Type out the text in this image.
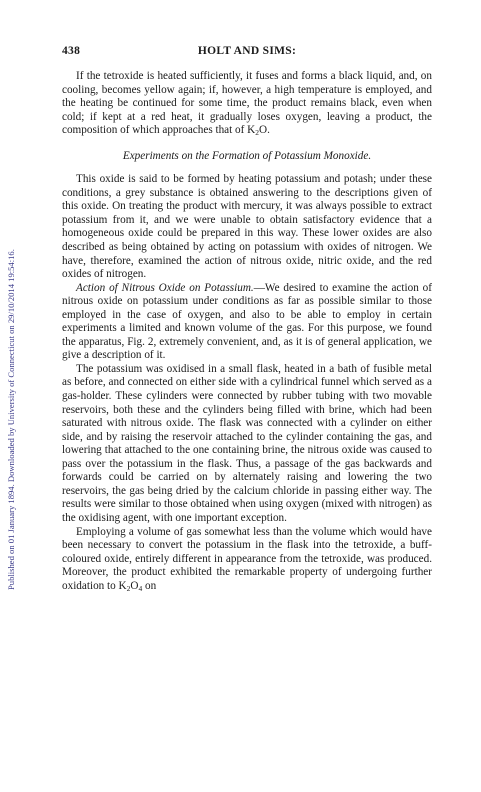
Published on 01 January 1894. Downloaded by University of Connecticut on 29/10/2014 19:54:16.
438	HOLT AND SIMS:

If the tetroxide is heated sufficiently, it fuses and forms a black liquid, and, on cooling, becomes yellow again; if, however, a high temperature is employed, and the heating be continued for some time, the product remains black, even when cold; if kept at a red heat, it gradually loses oxygen, leaving a product, the composition of which approaches that of $K_2O$.

Experiments on the Formation of Potassium Monoxide.

This oxide is said to be formed by heating potassium and potash; under these conditions, a grey substance is obtained answering to the descriptions given of this oxide. On treating the product with mercury, it was always possible to extract potassium from it, and we were unable to obtain satisfactory evidence that a homogeneous oxide could be prepared in this way. These lower oxides are also described as being obtained by acting on potassium with oxides of nitrogen. We have, therefore, examined the action of nitrous oxide, nitric oxide, and the red oxides of nitrogen.

Action of Nitrous Oxide on Potassium.—We desired to examine the action of nitrous oxide on potassium under conditions as far as possible similar to those employed in the case of oxygen, and also to be able to employ in certain experiments a limited and known volume of the gas. For this purpose, we found the apparatus, Fig. 2, extremely convenient, and, as it is of general application, we give a description of it.

The potassium was oxidised in a small flask, heated in a bath of fusible metal as before, and connected on either side with a cylindrical funnel which served as a gas-holder. These cylinders were connected by rubber tubing with two movable reservoirs, both these and the cylinders being filled with brine, which had been saturated with nitrous oxide. The flask was connected with a cylinder on either side, and by raising the reservoir attached to the cylinder containing the gas, and lowering that attached to the one containing brine, the nitrous oxide was caused to pass over the potassium in the flask. Thus, a passage of the gas backwards and forwards could be carried on by alternately raising and lowering the two reservoirs, the gas being dried by the calcium chloride in passing either way. The results were similar to those obtained when using oxygen (mixed with nitrogen) as the oxidising agent, with one important exception.

Employing a volume of gas somewhat less than the volume which would have been necessary to convert the potassium in the flask into the tetroxide, a buff-coloured oxide, entirely different in appearance from the tetroxide, was produced. Moreover, the product exhibited the remarkable property of undergoing further oxidation to $K_2O_4$ on
